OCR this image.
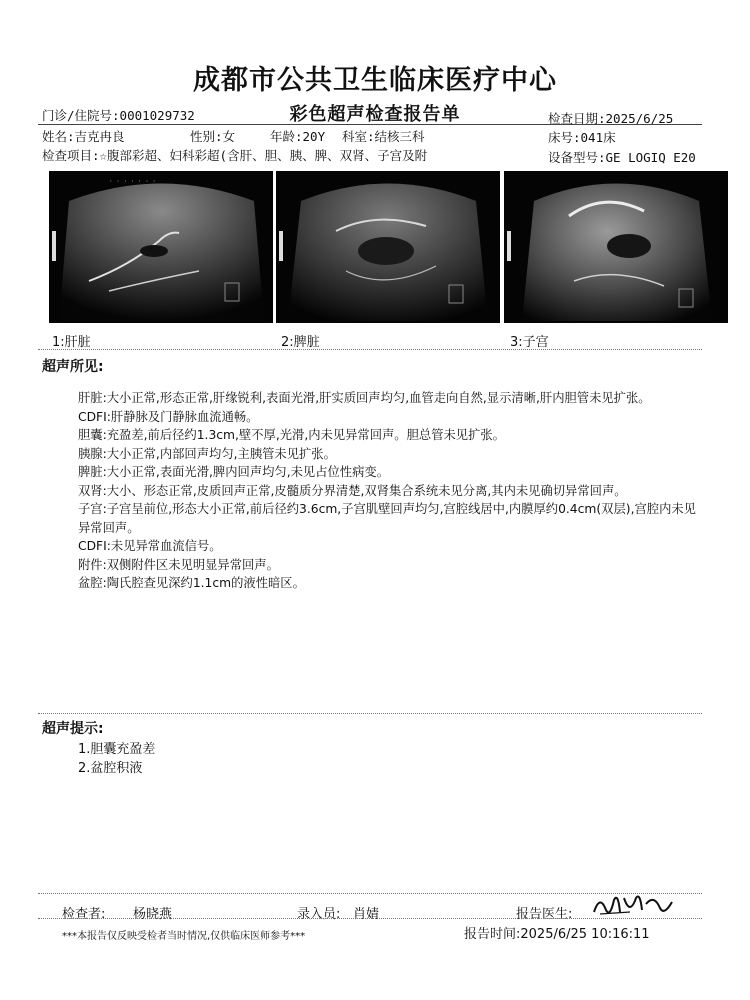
成都市公共卫生临床医疗中心
彩色超声检查报告单
门诊/住院号:0001029732	检查日期:2025/6/25
姓名:吉克冉良	性别:女	年龄:20Y 科室:结核三科	床号:041床
检查项目:☆腹部彩超、妇科彩超(含肝、胆、胰、脾、双肾、子宫及附	设备型号:GE LOGIQ E20
· · · · · · ·
1:肝脏	2:脾脏	3:子宫
超声所见:
肝脏:大小正常,形态正常,肝缘锐利,表面光滑,肝实质回声均匀,血管走向自然,显示清晰,肝内胆管未见扩张。
CDFI:肝静脉及门静脉血流通畅。
胆囊:充盈差,前后径约1.3cm,壁不厚,光滑,内未见异常回声。胆总管未见扩张。
胰腺:大小正常,内部回声均匀,主胰管未见扩张。
脾脏:大小正常,表面光滑,脾内回声均匀,未见占位性病变。
双肾:大小、形态正常,皮质回声正常,皮髓质分界清楚,双肾集合系统未见分离,其内未见确切异常回声。
子宫:子宫呈前位,形态大小正常,前后径约3.6cm,子宫肌壁回声均匀,宫腔线居中,内膜厚约0.4cm(双层),宫腔内未见异常回声。
CDFI:未见异常血流信号。
附件:双侧附件区未见明显异常回声。
盆腔:陶氏腔查见深约1.1cm的液性暗区。
超声提示:
1.胆囊充盈差
2.盆腔积液
检查者: 杨晓燕	录入员: 肖婧	报告医生:
***本报告仅反映受检者当时情况,仅供临床医师参考***	报告时间:2025/6/25 10:16:11
